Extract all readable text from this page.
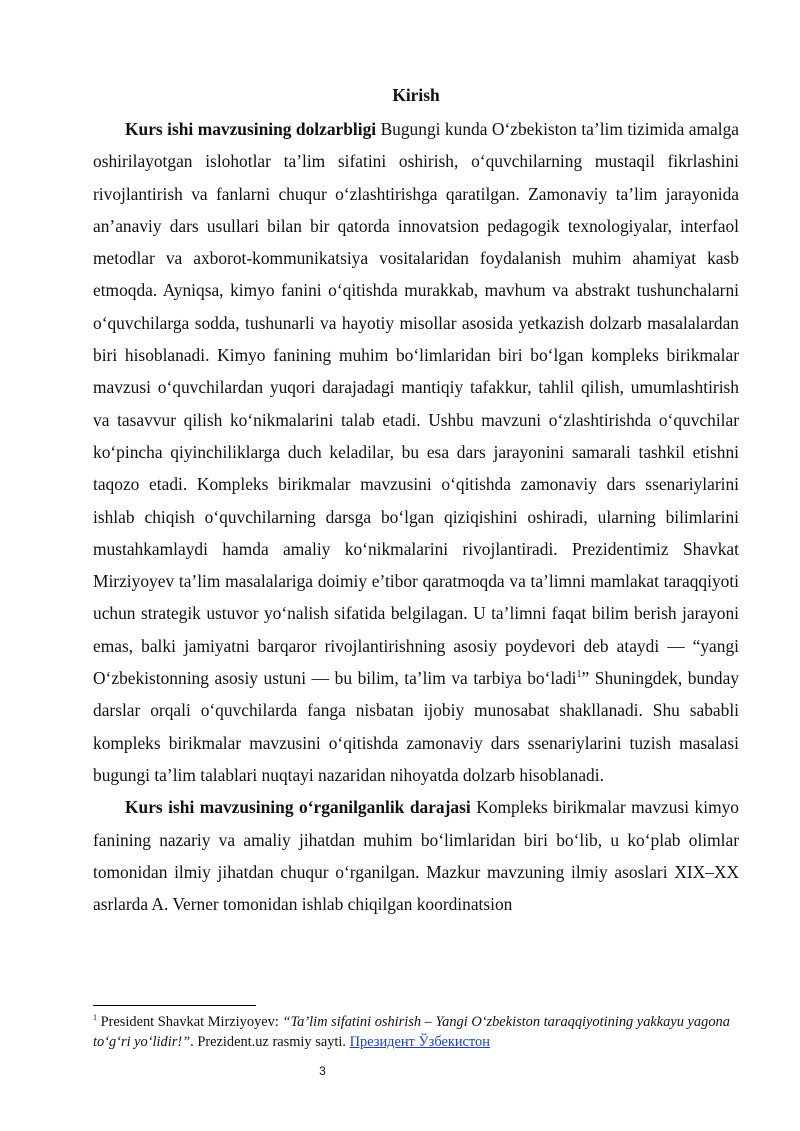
Kirish

Kurs ishi mavzusining dolzarbligi Bugungi kunda O‘zbekiston ta’lim tizimida amalga oshirilayotgan islohotlar ta’lim sifatini oshirish, o‘quvchilarning mustaqil fikrlashini rivojlantirish va fanlarni chuqur o‘zlashtirishga qaratilgan. Zamonaviy ta’lim jarayonida an’anaviy dars usullari bilan bir qatorda innovatsion pedagogik texnologiyalar, interfaol metodlar va axborot-kommunikatsiya vositalaridan foydalanish muhim ahamiyat kasb etmoqda. Ayniqsa, kimyo fanini o‘qitishda murakkab, mavhum va abstrakt tushunchalarni o‘quvchilarga sodda, tushunarli va hayotiy misollar asosida yetkazish dolzarb masalalardan biri hisoblanadi. Kimyo fanining muhim bo‘limlaridan biri bo‘lgan kompleks birikmalar mavzusi o‘quvchilardan yuqori darajadagi mantiqiy tafakkur, tahlil qilish, umumlashtirish va tasavvur qilish ko‘nikmalarini talab etadi. Ushbu mavzuni o‘zlashtirishda o‘quvchilar ko‘pincha qiyinchiliklarga duch keladilar, bu esa dars jarayonini samarali tashkil etishni taqozo etadi. Kompleks birikmalar mavzusini o‘qitishda zamonaviy dars ssenariylarini ishlab chiqish o‘quvchilarning darsga bo‘lgan qiziqishini oshiradi, ularning bilimlarini mustahkamlaydi hamda amaliy ko‘nikmalarini rivojlantiradi. Prezidentimiz Shavkat Mirziyoyev ta’lim masalalariga doimiy e’tibor qaratmoqda va ta’limni mamlakat taraqqiyoti uchun strategik ustuvor yo‘nalish sifatida belgilagan. U ta’limni faqat bilim berish jarayoni emas, balki jamiyatni barqaror rivojlantirishning asosiy poydevori deb ataydi — “yangi O‘zbekistonning asosiy ustuni — bu bilim, ta’lim va tarbiya bo‘ladi$^1$” Shuningdek, bunday darslar orqali o‘quvchilarda fanga nisbatan ijobiy munosabat shakllanadi. Shu sababli kompleks birikmalar mavzusini o‘qitishda zamonaviy dars ssenariylarini tuzish masalasi bugungi ta’lim talablari nuqtayi nazaridan nihoyatda dolzarb hisoblanadi.

Kurs ishi mavzusining o‘rganilganlik darajasi Kompleks birikmalar mavzusi kimyo fanining nazariy va amaliy jihatdan muhim bo‘limlaridan biri bo‘lib, u ko‘plab olimlar tomonidan ilmiy jihatdan chuqur o‘rganilgan. Mazkur mavzuning ilmiy asoslari XIX–XX asrlarda A. Verner tomonidan ishlab chiqilgan koordinatsion

$^1$ President Shavkat Mirziyoyev: “Ta’lim sifatini oshirish – Yangi O‘zbekiston taraqqiyotining yakkayu yagona to‘g‘ri yo‘lidir!”. Prezident.uz rasmiy sayti. Президент Ўзбекистон
3
